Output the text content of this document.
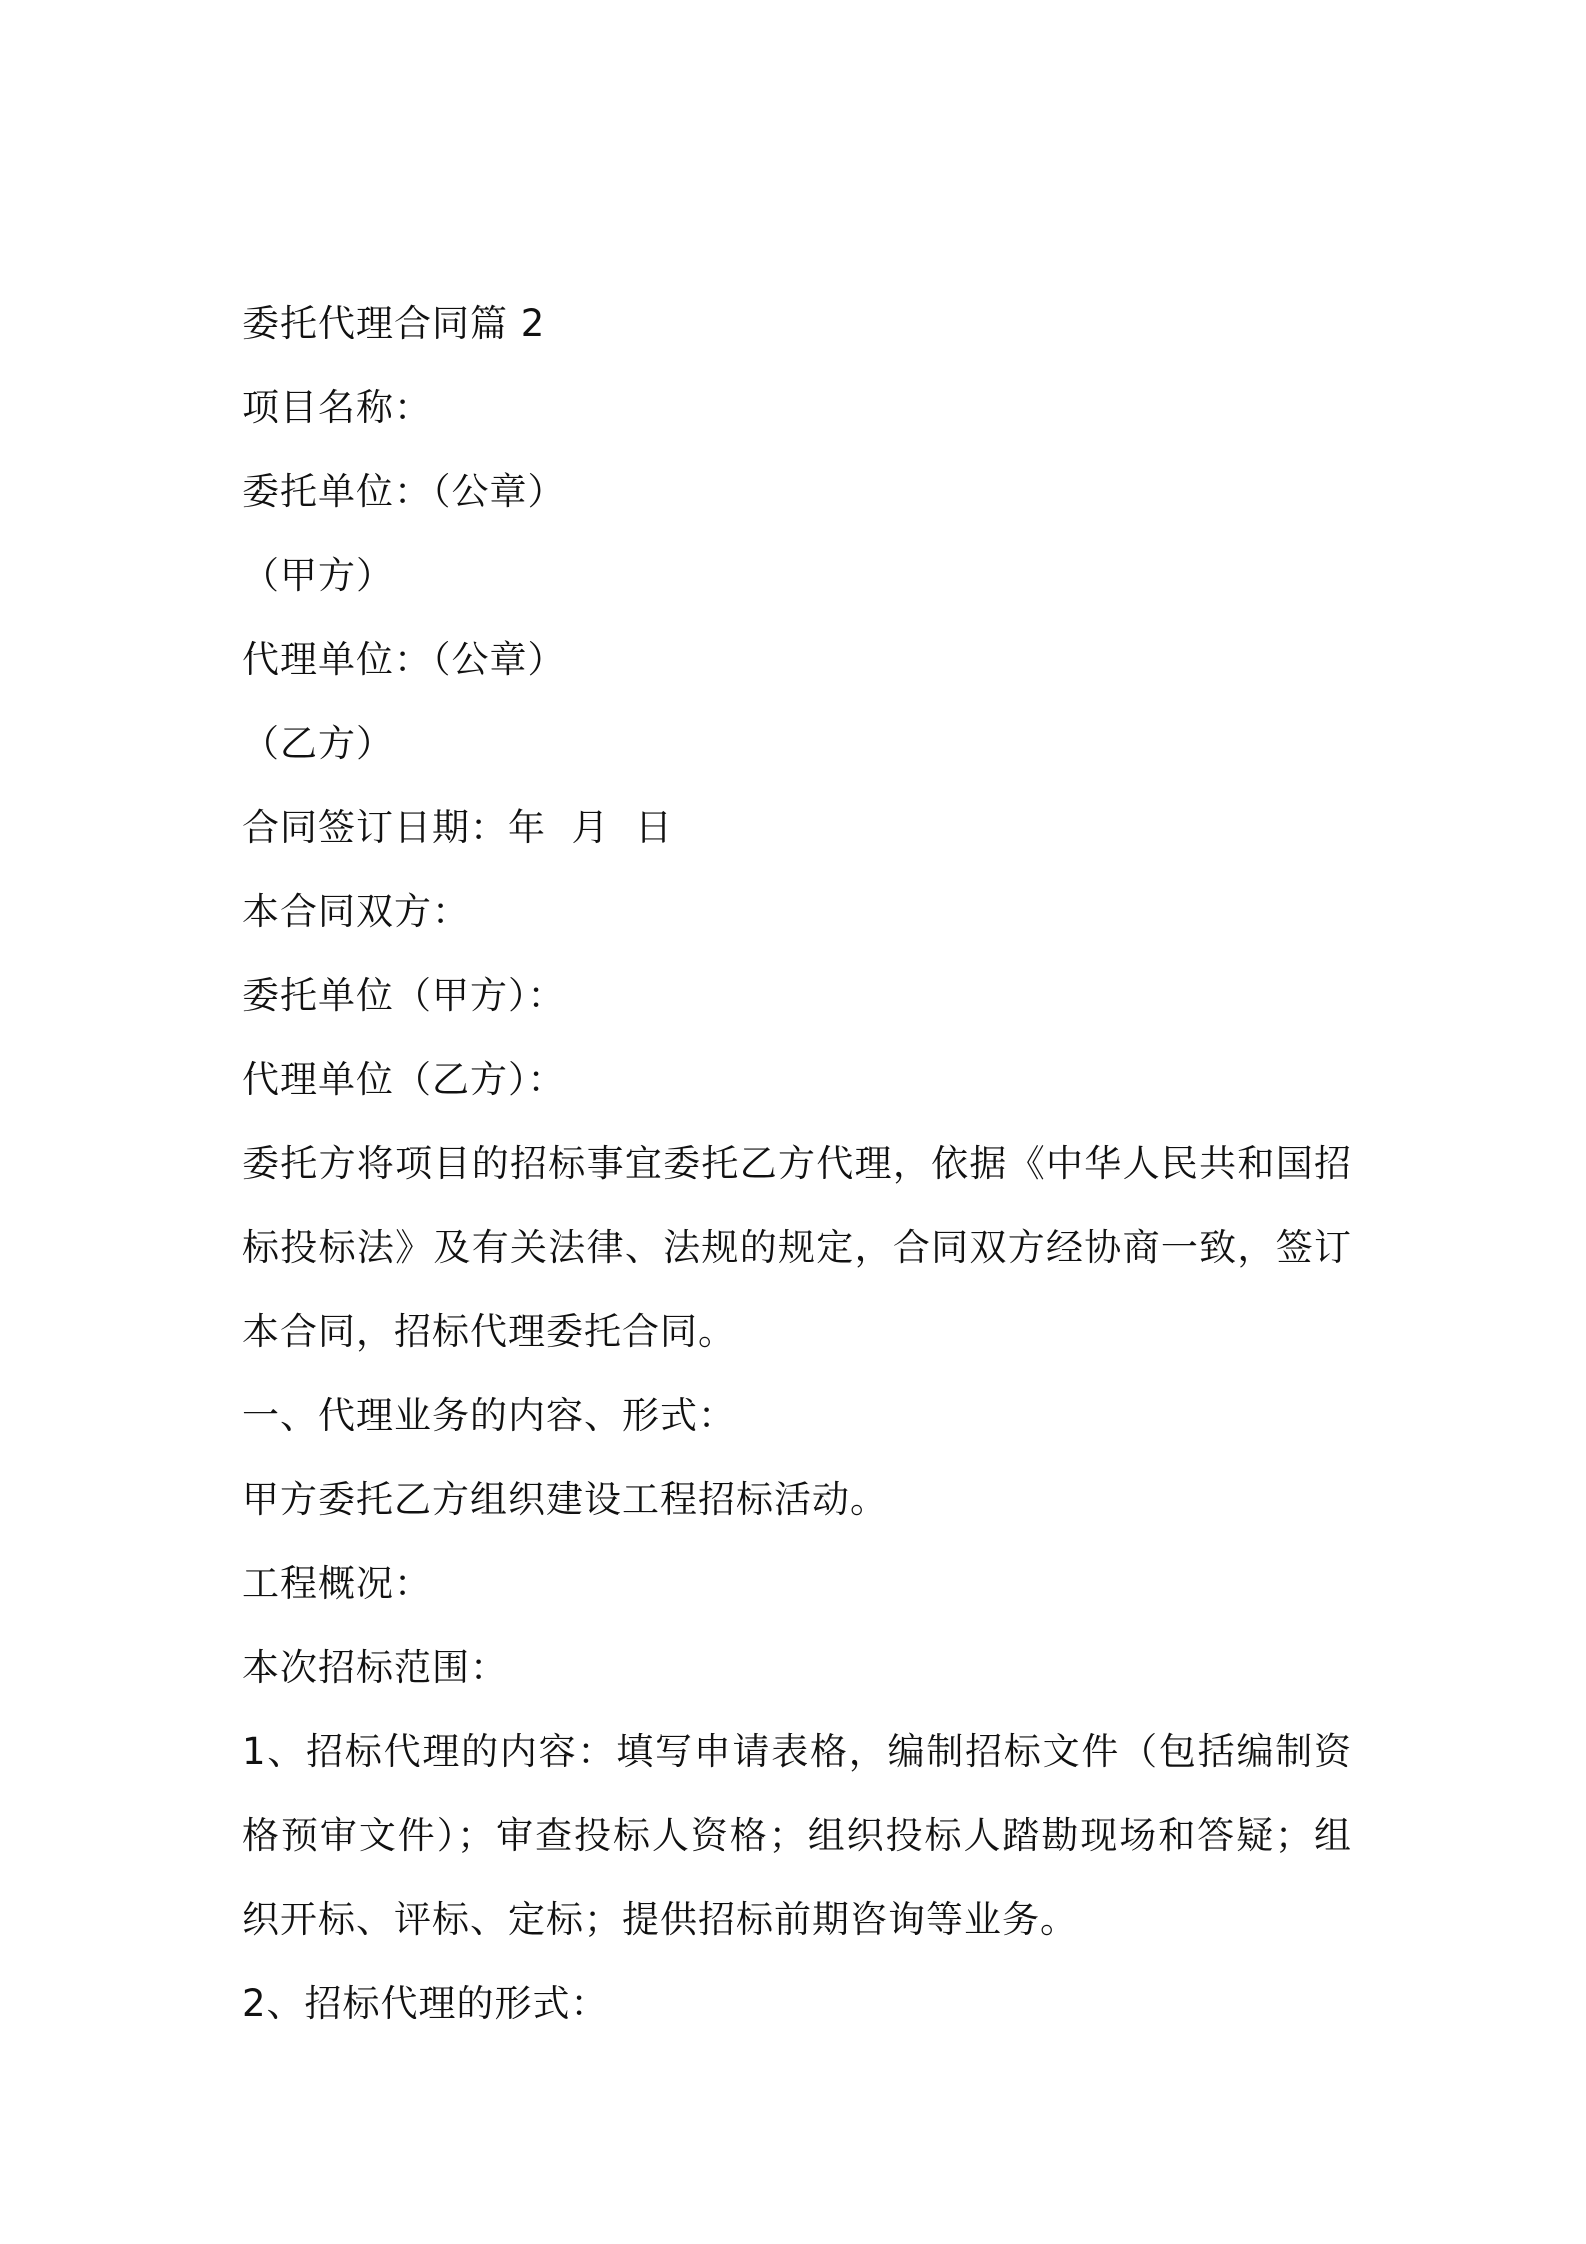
委托代理合同篇 2

项目名称：

委托单位：（公章）

（甲方）

代理单位：（公章）

（乙方）

合同签订日期：年  月  日

本合同双方：

委托单位（甲方）：

代理单位（乙方）：

委托方将项目的招标事宜委托乙方代理，依据《中华人民共和国招标投标法》及有关法律、法规的规定，合同双方经协商一致，签订本合同，招标代理委托合同。

一、代理业务的内容、形式：

甲方委托乙方组织建设工程招标活动。

工程概况：

本次招标范围：

1、招标代理的内容：填写申请表格，编制招标文件（包括编制资格预审文件）；审查投标人资格；组织投标人踏勘现场和答疑；组织开标、评标、定标；提供招标前期咨询等业务。

2、招标代理的形式：
